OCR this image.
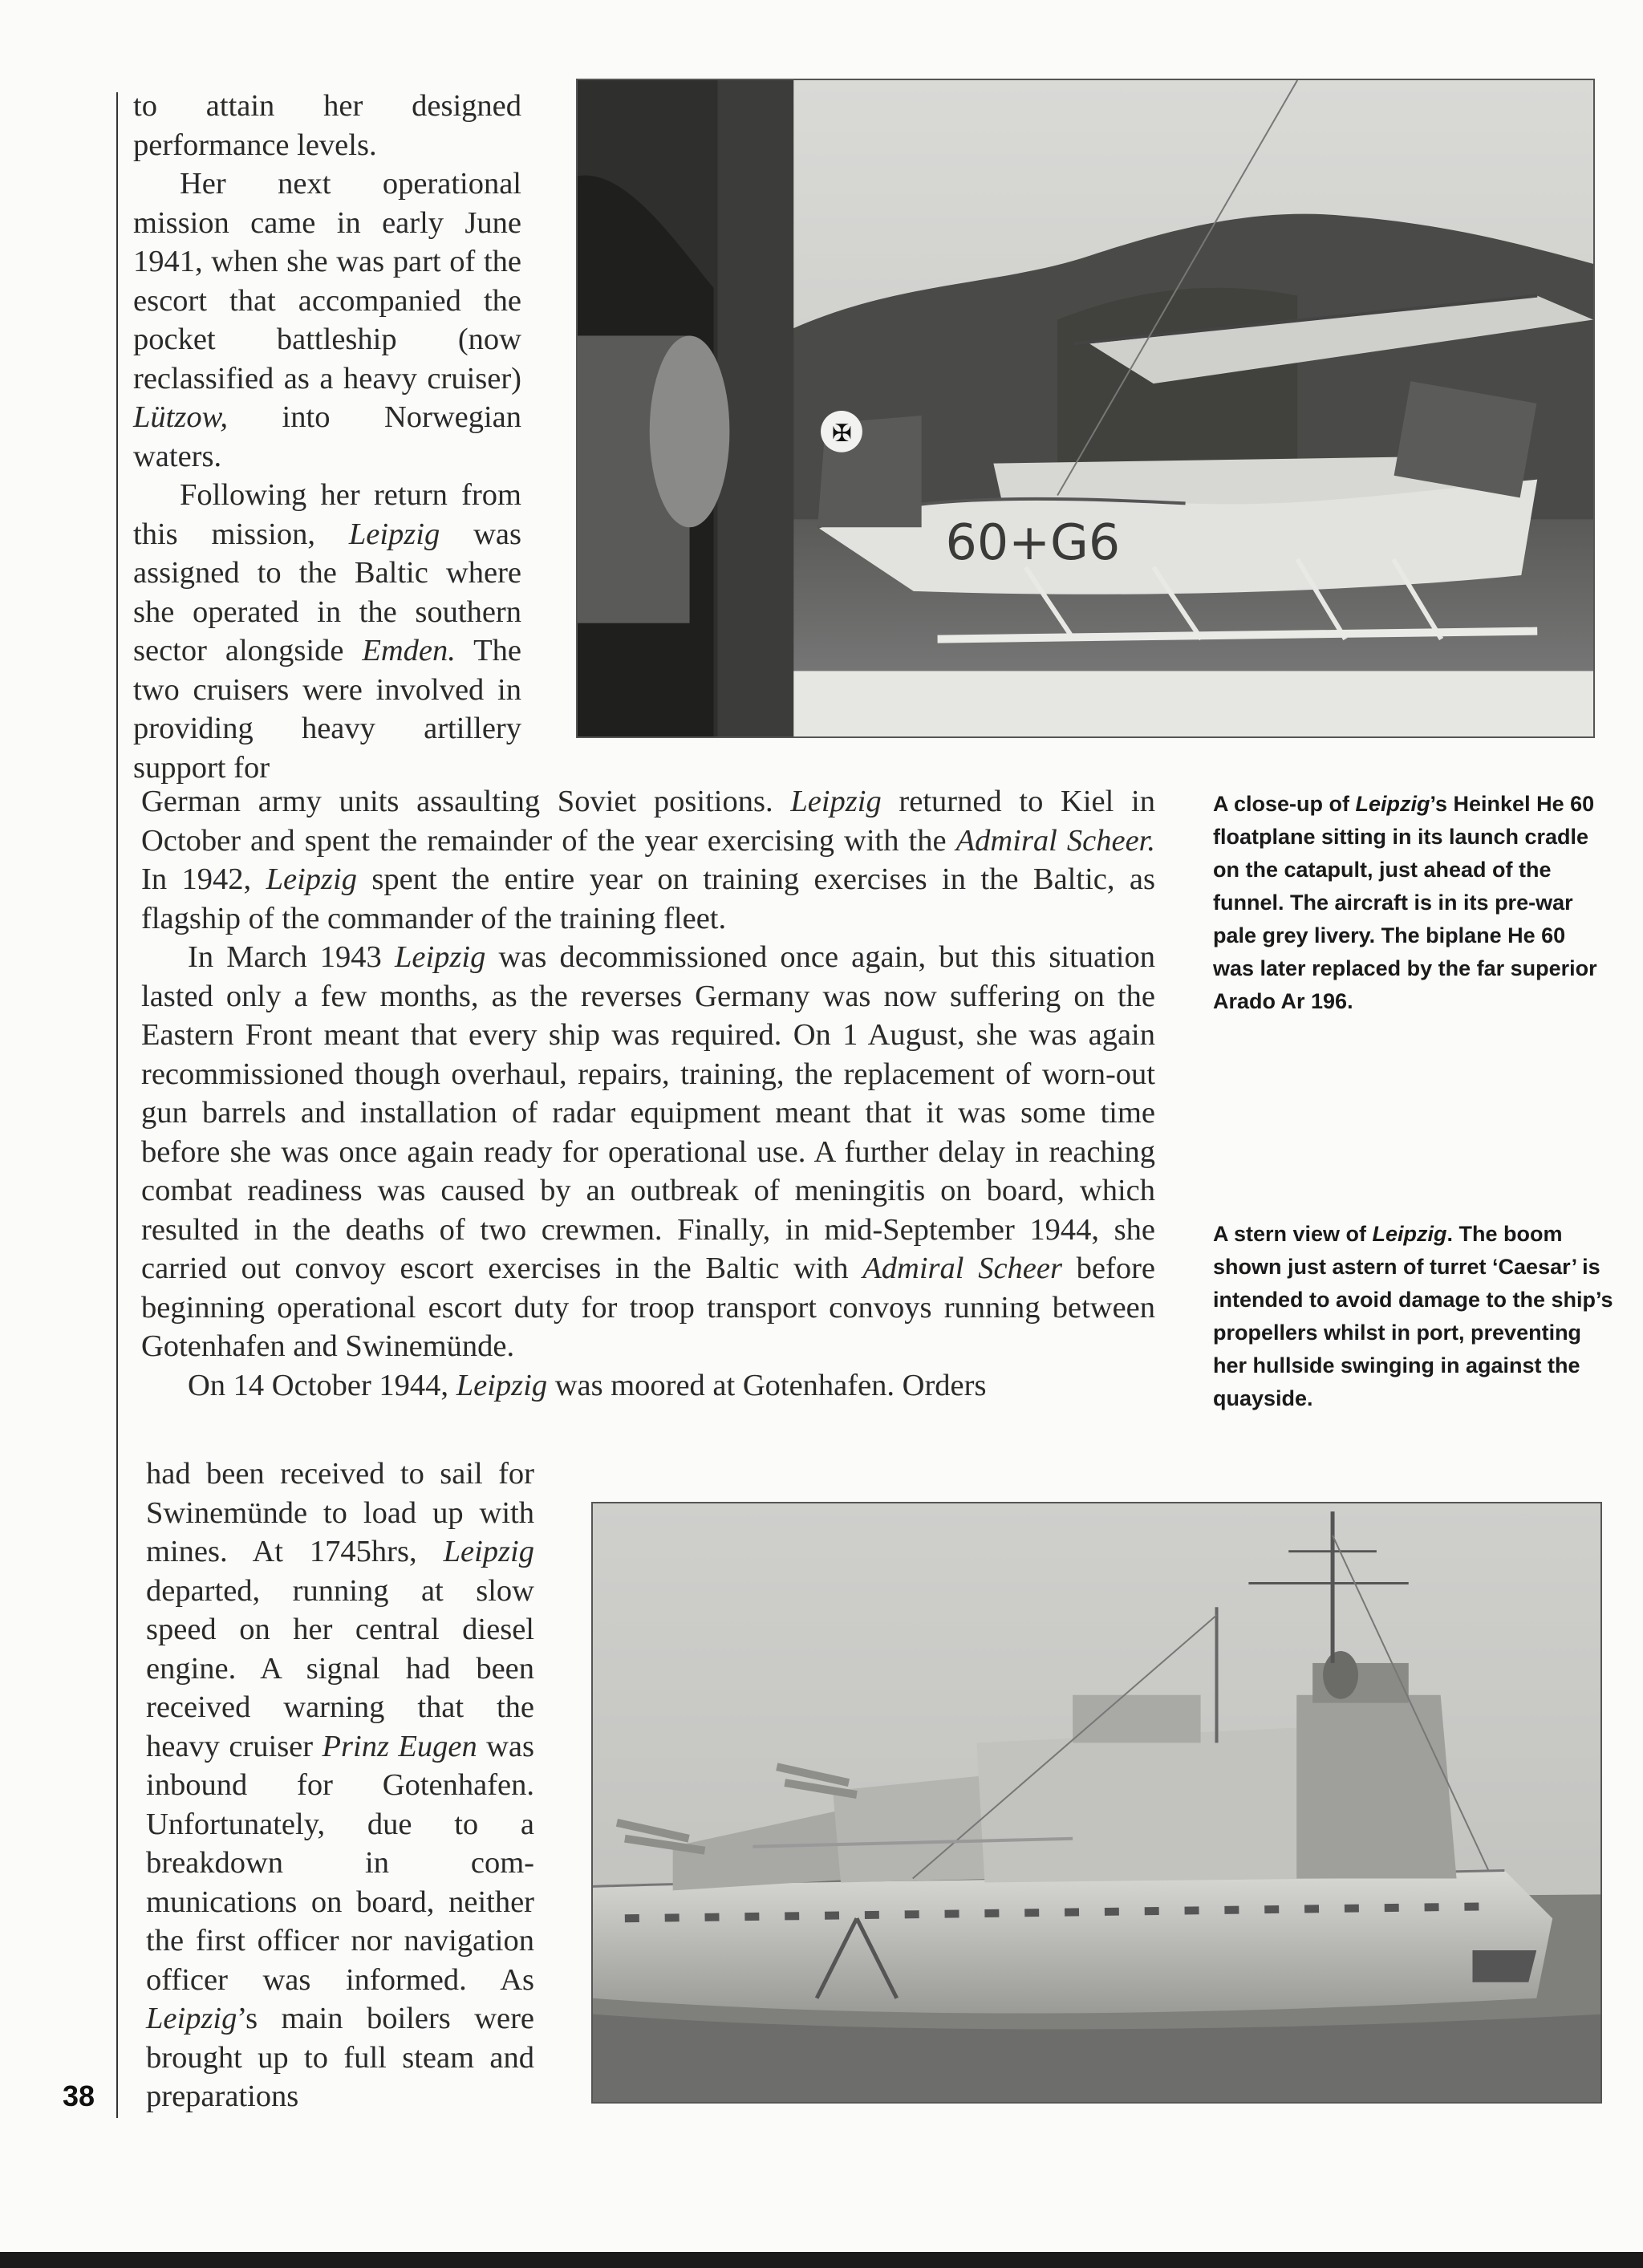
to attain her designed performance levels.

Her next operational mission came in early June 1941, when she was part of the escort that accompanied the pocket battleship (now reclassified as a heavy cruiser) Lützow, into Norwegian waters.

Following her return from this mission, Leipzig was assigned to the Baltic where she operated in the southern sector alongside Emden. The two cruisers were involved in providing heavy artillery support for

German army units assaulting Soviet positions. Leipzig returned to Kiel in October and spent the remainder of the year exercising with the Admiral Scheer. In 1942, Leipzig spent the entire year on training exercises in the Baltic, as flagship of the commander of the training fleet.

In March 1943 Leipzig was decommissioned once again, but this situation lasted only a few months, as the reverses Germany was now suffering on the Eastern Front meant that every ship was required. On 1 August, she was again recommissioned though overhaul, repairs, training, the replacement of worn-out gun barrels and installation of radar equipment meant that it was some time before she was once again ready for operational use. A further delay in reaching combat readiness was caused by an outbreak of meningitis on board, which resulted in the deaths of two crewmen. Finally, in mid-September 1944, she carried out convoy escort exercises in the Baltic with Admiral Scheer before beginning operational escort duty for troop transport convoys running between Gotenhafen and Swinemünde.

On 14 October 1944, Leipzig was moored at Gotenhafen. Orders

had been received to sail for Swinemünde to load up with mines. At 1745hrs, Leipzig departed, running at slow speed on her central diesel engine. A signal had been received warning that the heavy cruiser Prinz Eugen was inbound for Gotenhafen. Unfortunately, due to a breakdown in com-munications on board, neither the first officer nor navigation officer was informed. As Leipzig’s main boilers were brought up to full steam and preparations

✠
60+G6
A close-up of Leipzig’s Heinkel He 60 floatplane sitting in its launch cradle on the catapult, just ahead of the funnel. The aircraft is in its pre-war pale grey livery. The biplane He 60 was later replaced by the far superior Arado Ar 196.
A stern view of Leipzig. The boom shown just astern of turret ‘Caesar’ is intended to avoid damage to the ship’s propellers whilst in port, preventing her hullside swinging in against the quayside.
38
